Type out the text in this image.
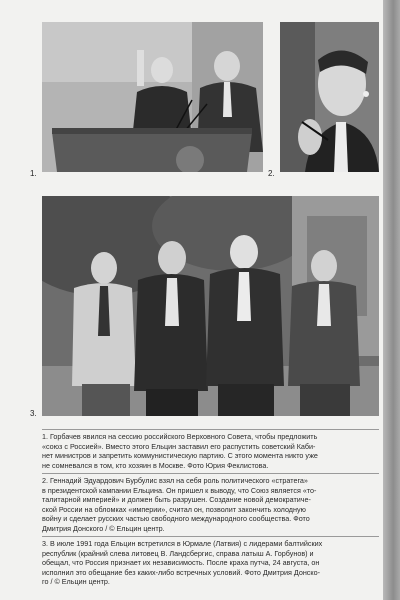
1.	2.
3.
1. Горбачев явился на сессию российского Верховного Совета, чтобы предложить
«союз с Россией». Вместо этого Ельцин заставил его распустить советский Каби-
нет министров и запретить коммунистическую партию. С этого момента никто уже
не сомневался в том, кто хозяин в Москве. Фото Юрия Феклистова.
2. Геннадий Эдуардович Бурбулис взял на себя роль политического «стратега»
в президентской кампании Ельцина. Он пришел к выводу, что Союз является «то-
талитарной империей» и должен быть разрушен. Создание новой демократиче-
ской России на обломках «империи», считал он, позволит закончить холодную
войну и сделает русских частью свободного международного сообщества. Фото
Дмитрия Донского / © Ельцин центр.
3. В июле 1991 года Ельцин встретился в Юрмале (Латвия) с лидерами балтийских
республик (крайний слева литовец В. Ландсбергис, справа латыш А. Горбунов) и
обещал, что Россия признает их независимость. После краха путча, 24 августа, он
исполнил это обещание без каких-либо встречных условий. Фото Дмитрия Донско-
го / © Ельцин центр.
